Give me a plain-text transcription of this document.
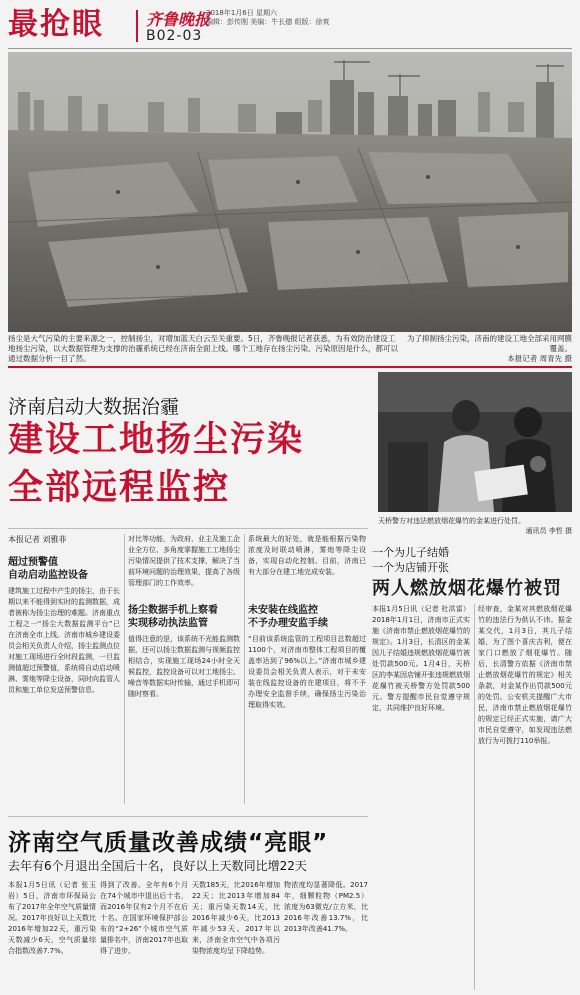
最抢眼	齐鲁晚报
2018年1月6日 星期六
编辑：彭传刚 美编：牛长德 组版：徐爽
B02-03
扬尘是大气污染的主要来源之一，控制扬尘，对增加蓝天白云至关重要。5日，齐鲁晚报记者获悉，为有效防治建设工地扬尘污染，以大数据管理为支撑的治霾系统已经在济南全面上线。哪个工地存在扬尘污染、污染原因是什么，都可以通过数据分析一目了然。
为了抑制扬尘污染，济南的建设工地全部采用网膜覆盖。
本报记者 周青先 摄
济南启动大数据治霾
建设工地扬尘污染
全部远程监控
本报记者 刘雅菲
超过预警值
自动启动监控设备
建筑施工过程中产生的扬尘，由于长期以来不能得到实时的监测数据，成者被称为扬尘治理的难题。济南重点工程之一“扬尘大数据监测平台”已在济南全市上线。济南市城乡建设委员会相关负责人介绍，扬尘监测点位对施工现场进行全时段监测，一旦监测值超过预警值，系统将自动启动喷淋、雾炮等降尘设备，同时向监管人员和施工单位发送预警信息。
对比等功能，为政府、业主及施工企业全方位、多角度掌握施工工地扬尘污染情况提供了技术支撑，解决了当前环境问题的治理效果，提高了各级管理部门的工作效率。
扬尘数据手机上察看
实现移动执法监管
值得注意的是，该系统不光能监测数据，还可以扬尘数据监测与视频监控相结合，实现施工现场24小时全天候监控，监控设备可以对工地扬尘、噪音等数据实时传输，通过手机即可随时察看。
系统最大的好处，就是能根据污染物浓度及时联动喷淋，雾炮等降尘设备，实现自动化控制。目前，济南已有大部分在建工地完成安装。
未安装在线监控
不予办理安监手续
“目前该系统监管的工程项目总数超过1100个，对济南市整体工程项目的覆盖率达到了96%以上。”济南市城乡建设委员会相关负责人表示，对于未安装在线监控设备的在建项目，将不予办理安全监督手续，确保扬尘污染治理取得实效。
天桥警方对违法燃放烟花爆竹的金某进行处罚。
通讯员 李哲 摄
一个为儿子结婚
一个为店铺开张
两人燃放烟花爆竹被罚
本报1月5日讯（记者 杜洪雷）2018年1月1日，济南市正式实施《济南市禁止燃放烟花爆竹的规定》。1月3日，长清区的金某因儿子结婚违规燃放烟花爆竹被处罚款500元。1月4日，天桥区的李某因店铺开张违规燃放烟花爆竹被天桥警方处罚款500元。警方提醒市民自觉遵守规定，共同维护良好环境。
经审查，金某对其燃放烟花爆竹的违法行为供认不讳。据金某交代，1月3日，其儿子结婚，为了图个喜庆吉利，便在家门口燃放了烟花爆竹。随后，长清警方依据《济南市禁止燃放烟花爆竹的规定》相关条款，对金某作出罚款500元的处罚。公安机关提醒广大市民，济南市禁止燃放烟花爆竹的规定已经正式实施，请广大市民自觉遵守，如发现违法燃放行为可拨打110举报。
济南空气质量改善成绩“亮眼”
去年有6个月退出全国后十名，良好以上天数同比增22天
本报1月5日讯（记者 张玉岩）5日，济南市环保局公布了2017年全年空气质量情况。2017年良好以上天数比2016年增加22天，重污染天数减少6天，空气质量综合指数改善7.7%。
得到了改善。全年有6个月在74个城市中退出后十名，而2016年仅有2个月不在后十名。在国家环境保护部公布的“2+26”个城市空气质量排名中，济南2017年也取得了进步。
天数185天，比2016年增加22天；比2013年增加84天；重污染天数14天，比2016年减少6天，比2013年减少53天。2017年以来，济南全市空气中各项污染物浓度均呈下降趋势。
物浓度均显著降低。2017年，细颗粒物（PM2.5）浓度为63微克/立方米，比2016年改善13.7%，比2013年改善41.7%。
